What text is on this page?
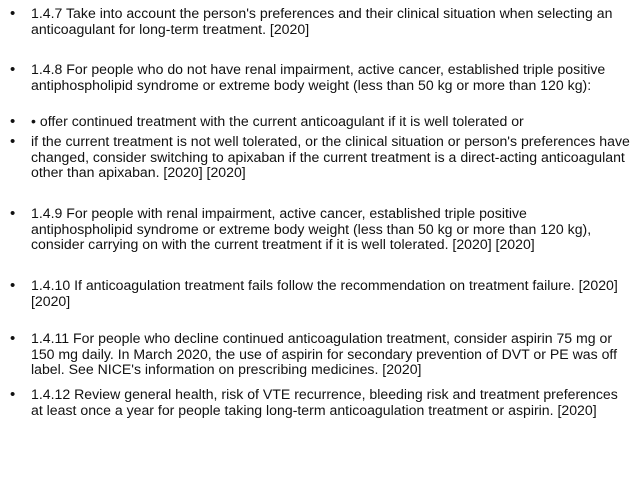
• 1.4.7 Take into account the person's preferences and their clinical situation when selecting an anticoagulant for long-term treatment. [2020]

• 1.4.8 For people who do not have renal impairment, active cancer, established triple positive antiphospholipid syndrome or extreme body weight (less than 50 kg or more than 120 kg):

• • offer continued treatment with the current anticoagulant if it is well tolerated or

• if the current treatment is not well tolerated, or the clinical situation or person's preferences have changed, consider switching to apixaban if the current treatment is a direct-acting anticoagulant other than apixaban. [2020] [2020]

• 1.4.9 For people with renal impairment, active cancer, established triple positive antiphospholipid syndrome or extreme body weight (less than 50 kg or more than 120 kg), consider carrying on with the current treatment if it is well tolerated. [2020] [2020]

• 1.4.10 If anticoagulation treatment fails follow the recommendation on treatment failure. [2020] [2020]

• 1.4.11 For people who decline continued anticoagulation treatment, consider aspirin 75 mg or 150 mg daily. In March 2020, the use of aspirin for secondary prevention of DVT or PE was off label. See NICE's information on prescribing medicines. [2020]

• 1.4.12 Review general health, risk of VTE recurrence, bleeding risk and treatment preferences at least once a year for people taking long-term anticoagulation treatment or aspirin. [2020]
